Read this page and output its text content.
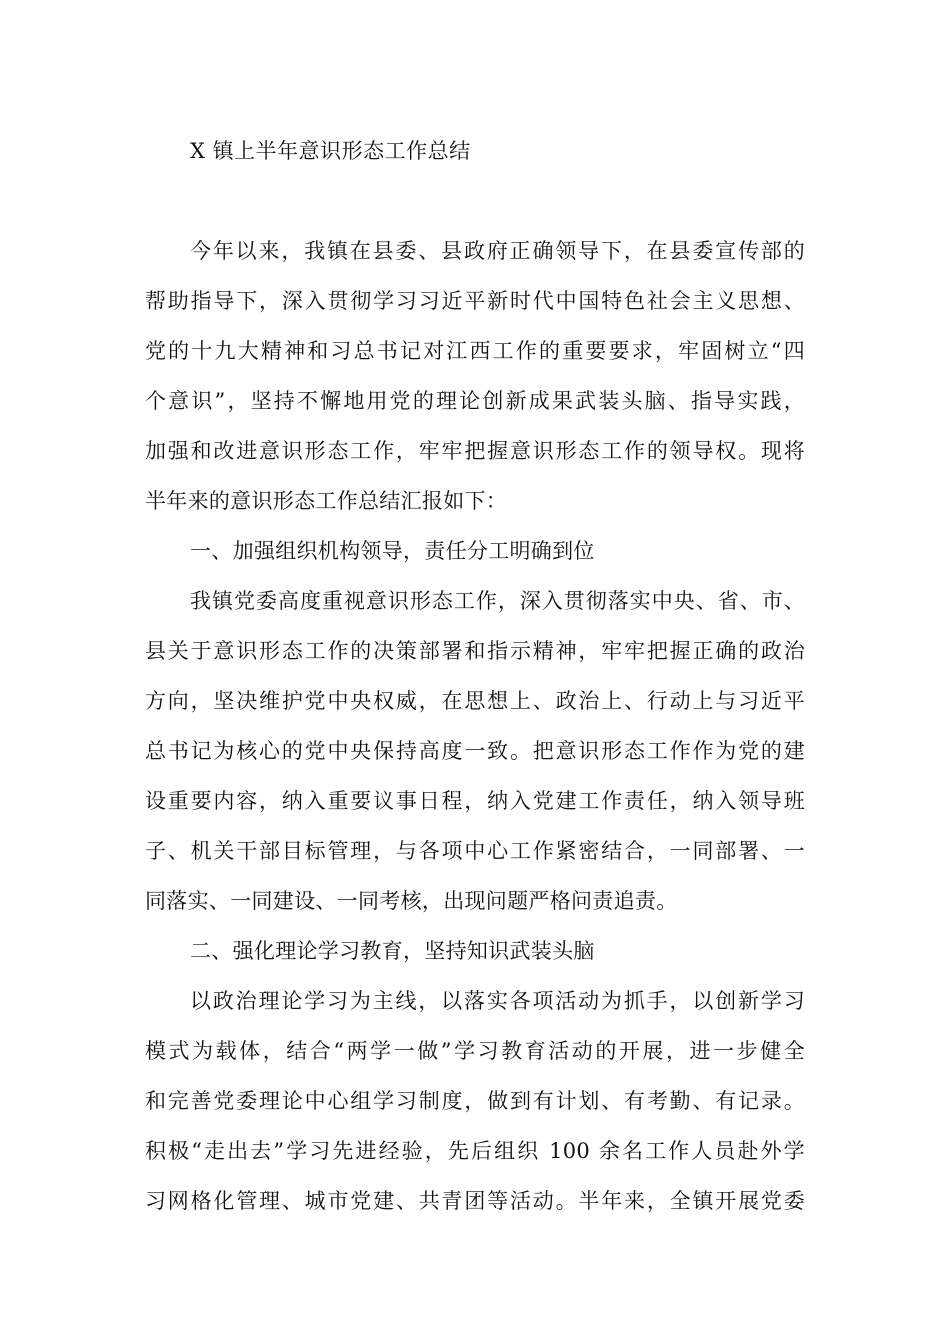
X 镇上半年意识形态工作总结
今年以来，我镇在县委、县政府正确领导下，在县委宣传部的
帮助指导下，深入贯彻学习习近平新时代中国特色社会主义思想、
党的十九大精神和习总书记对江西工作的重要要求，牢固树立“四
个意识”，坚持不懈地用党的理论创新成果武装头脑、指导实践，
加强和改进意识形态工作，牢牢把握意识形态工作的领导权。现将
半年来的意识形态工作总结汇报如下：
一、加强组织机构领导，责任分工明确到位
我镇党委高度重视意识形态工作，深入贯彻落实中央、省、市、
县关于意识形态工作的决策部署和指示精神，牢牢把握正确的政治
方向，坚决维护党中央权威，在思想上、政治上、行动上与习近平
总书记为核心的党中央保持高度一致。把意识形态工作作为党的建
设重要内容，纳入重要议事日程，纳入党建工作责任，纳入领导班
子、机关干部目标管理，与各项中心工作紧密结合，一同部署、一
同落实、一同建设、一同考核，出现问题严格问责追责。
二、强化理论学习教育，坚持知识武装头脑
以政治理论学习为主线，以落实各项活动为抓手，以创新学习
模式为载体，结合“两学一做”学习教育活动的开展，进一步健全
和完善党委理论中心组学习制度，做到有计划、有考勤、有记录。
积极“走出去”学习先进经验，先后组织 100 余名工作人员赴外学
习网格化管理、城市党建、共青团等活动。半年来，全镇开展党委
